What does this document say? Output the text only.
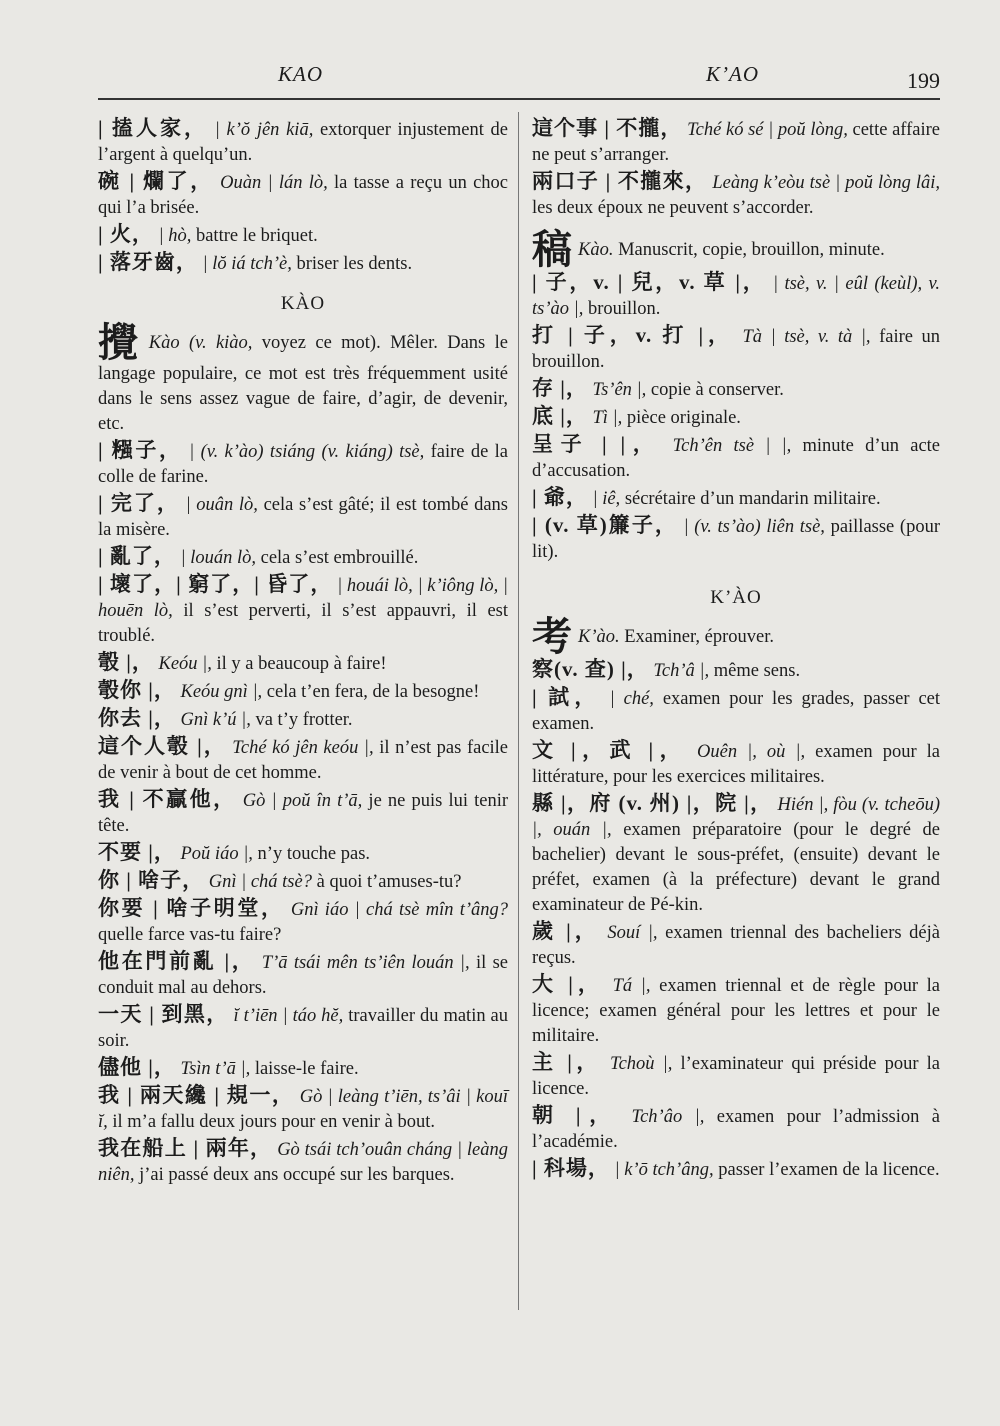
KAO	K’AO	199
| 搕人家， | k’ŏ jên kiā, extorquer injustement de l’argent à quelqu’un.
碗 | 爛了， Ouàn | lán lò, la tasse a reçu un choc qui l’a brisée.
| 火， | hò, battre le briquet.
| 落牙齒， | lŏ iá tch’è, briser les dents.
KÀO
攪 Kào (v. kiào, voyez ce mot). Mêler. Dans le langage populaire, ce mot est très fréquemment usité dans le sens assez vague de faire, d’agir, de devenir, etc.
| 糨子， | (v. k’ào) tsiáng (v. kiáng) tsè, faire de la colle de farine.
| 完了， | ouân lò, cela s’est gâté; il est tombé dans la misère.
| 亂了， | louán lò, cela s’est embrouillé.
| 壞了，| 窮了，| 昏了， | houái lò, | k’iông lò, | houēn lò, il s’est perverti, il s’est appauvri, il est troublé.
彀 |， Keóu |, il y a beaucoup à faire!
彀你 |， Keóu gnì |, cela t’en fera, de la besogne!
你去 |， Gnì k’ú |, va t’y frotter.
這个人彀 |， Tché kó jên keóu |, il n’est pas facile de venir à bout de cet homme.
我 | 不贏他， Gò | poŭ în t’ā, je ne puis lui tenir tête.
不要 |， Poŭ iáo |, n’y touche pas.
你 | 啥子， Gnì | chá tsè? à quoi t’amuses-tu?
你要 | 啥子明堂， Gnì iáo | chá tsè mîn t’âng? quelle farce vas-tu faire?
他在門前亂 |， T’ā tsái mên ts’iên louán |, il se conduit mal au dehors.
一天 | 到黑， ĭ t’iēn | táo hĕ, travailler du matin au soir.
儘他 |， Tsìn t’ā |, laisse-le faire.
我 | 兩天纔 | 規一， Gò | leàng t’iēn, ts’âi | kouī ĭ, il m’a fallu deux jours pour en venir à bout.
我在船上 | 兩年， Gò tsái tch’ouân cháng | leàng niên, j’ai passé deux ans occupé sur les barques.
這个事 | 不攏， Tché kó sé | poŭ lòng, cette affaire ne peut s’arranger.
兩口子 | 不攏來， Leàng k’eòu tsè | poŭ lòng lâi, les deux époux ne peuvent s’accorder.
稿 Kào. Manuscrit, copie, brouillon, minute.
| 子，v. | 兒，v. 草 |， | tsè, v. | eûl (keùl), v. ts’ào |, brouillon.
打 | 子，v. 打 |， Tà | tsè, v. tà |, faire un brouillon.
存 |， Ts’ên |, copie à conserver.
底 |， Tì |, pièce originale.
呈子 | |， Tch’ên tsè | |, minute d’un acte d’accusation.
| 爺， | iê, sécrétaire d’un mandarin militaire.
| (v. 草)簾子， | (v. ts’ào) liên tsè, paillasse (pour lit).
K’ÀO
考 K’ào. Examiner, éprouver.
察(v. 查) |， Tch’â |, même sens.
| 試， | ché, examen pour les grades, passer cet examen.
文 |，武 |， Ouên |, où |, examen pour la littérature, pour les exercices militaires.
縣 |，府 (v. 州) |，院 |， Hién |, fòu (v. tcheōu) |, ouán |, examen préparatoire (pour le degré de bachelier) devant le sous-préfet, (ensuite) devant le préfet, examen (à la préfecture) devant le grand examinateur de Pé-kin.
歲 |， Souí |, examen triennal des bacheliers déjà reçus.
大 |， Tá |, examen triennal et de règle pour la licence; examen général pour les lettres et pour le militaire.
主 |， Tchoù |, l’examinateur qui préside pour la licence.
朝 |， Tch’âo |, examen pour l’admission à l’académie.
| 科場， | k’ō tch’âng, passer l’examen de la licence.
